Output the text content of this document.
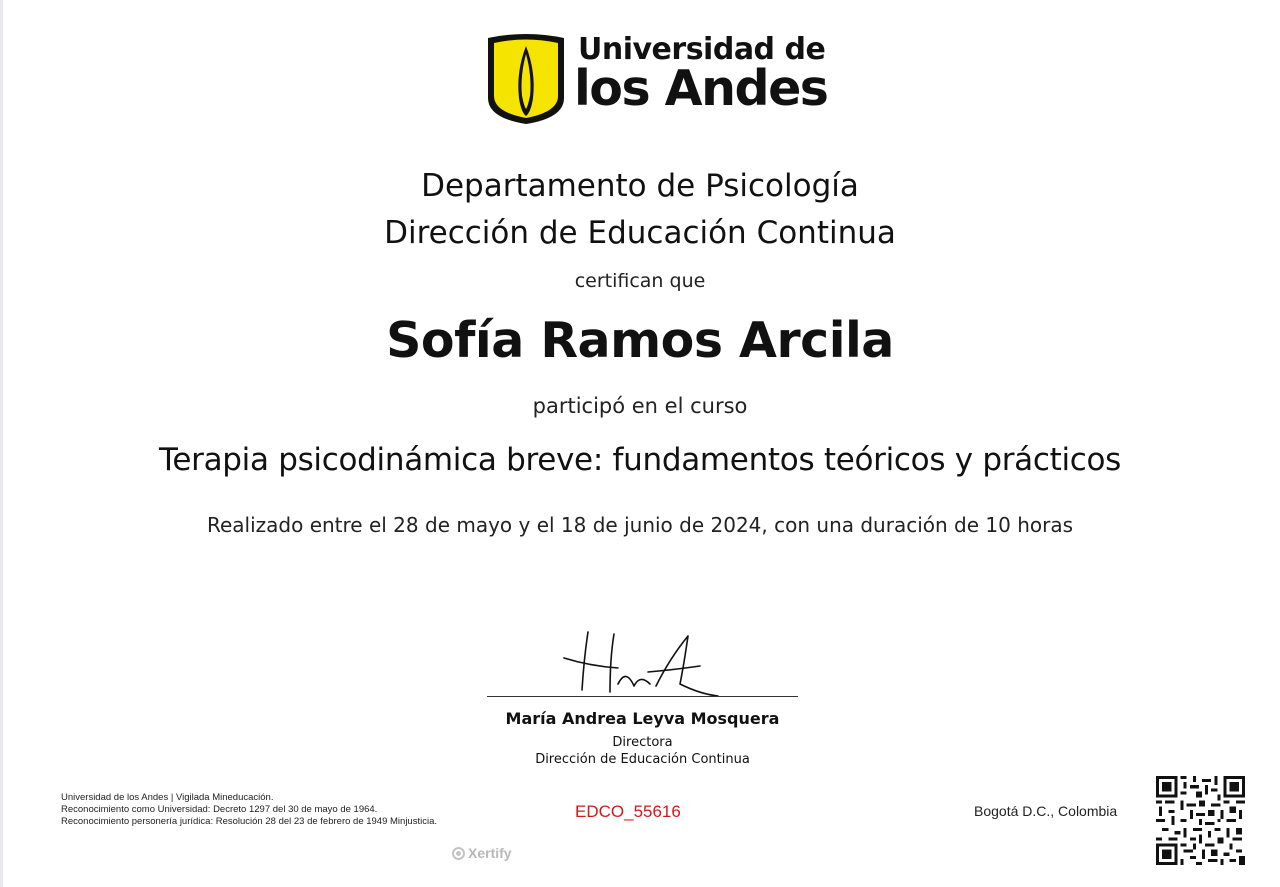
Universidad de
los Andes
Departamento de Psicología
Dirección de Educación Continua
certifican que
Sofía Ramos Arcila
participó en el curso
Terapia psicodinámica breve: fundamentos teóricos y prácticos
Realizado entre el 28 de mayo y el 18 de junio de 2024, con una duración de 10 horas
María Andrea Leyva Mosquera
Directora
Dirección de Educación Continua
Universidad de los Andes | Vigilada Mineducación.
Reconocimiento como Universidad: Decreto 1297 del 30 de mayo de 1964.
Reconocimiento personería jurídica: Resolución 28 del 23 de febrero de 1949 Minjusticia.
EDCO_55616
Xertify
Bogotá D.C., Colombia
